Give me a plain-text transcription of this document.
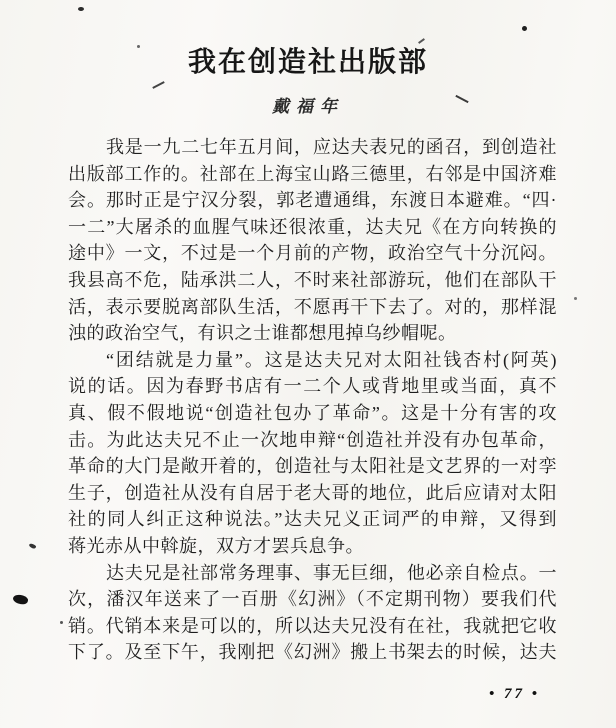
我在创造社出版部
戴福年
我是一九二七年五月间，应达夫表兄的函召，到创造社
出版部工作的。社部在上海宝山路三德里，右邻是中国济难
会。那时正是宁汉分裂，郭老遭通缉，东渡日本避难。“四·
一二”大屠杀的血腥气味还很浓重，达夫兄《在方向转换的
途中》一文，不过是一个月前的产物，政治空气十分沉闷。
我县高不危，陆承洪二人，不时来社部游玩，他们在部队干
活，表示要脱离部队生活，不愿再干下去了。对的，那样混
浊的政治空气，有识之士谁都想甩掉乌纱帽呢。
“团结就是力量”。这是达夫兄对太阳社钱杏村(阿英)
说的话。因为春野书店有一二个人或背地里或当面，真不
真、假不假地说“创造社包办了革命”。这是十分有害的攻
击。为此达夫兄不止一次地申辩“创造社并没有办包革命，
革命的大门是敞开着的，创造社与太阳社是文艺界的一对孪
生子，创造社从没有自居于老大哥的地位，此后应请对太阳
社的同人纠正这种说法。”达夫兄义正词严的申辩，又得到
蒋光赤从中斡旋，双方才罢兵息争。
达夫兄是社部常务理事、事无巨细，他必亲自检点。一
次，潘汉年送来了一百册《幻洲》（不定期刊物）要我们代
销。代销本来是可以的，所以达夫兄没有在社，我就把它收
下了。及至下午，我刚把《幻洲》搬上书架去的时候，达夫
• 77 •
